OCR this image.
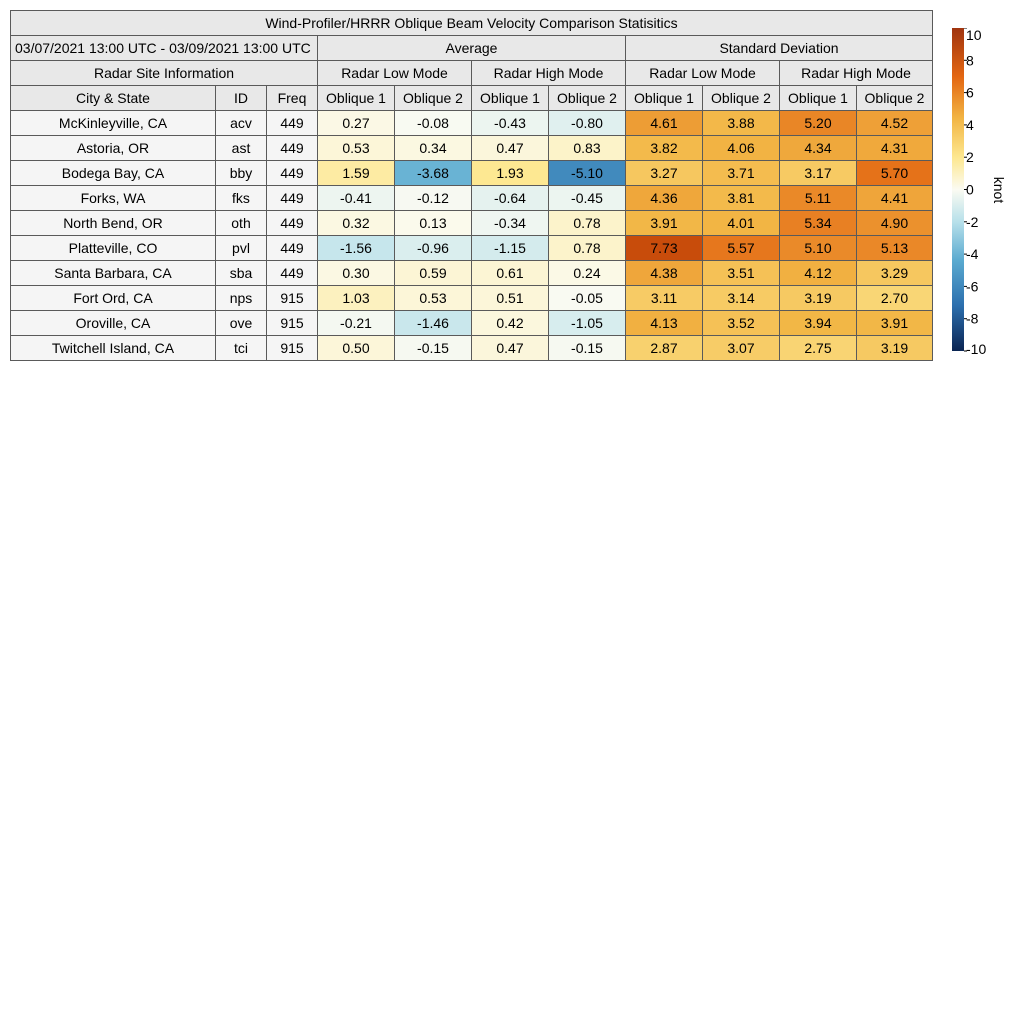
Wind-Profiler/HRRR Oblique Beam Velocity Comparison Statisitics										
03/07/2021 13:00 UTC - 03/09/2021 13:00 UTC			Average				Standard Deviation			
Radar Site Information			Radar Low Mode		Radar High Mode		Radar Low Mode		Radar High Mode	
City & State	ID	Freq	Oblique 1	Oblique 2	Oblique 1	Oblique 2	Oblique 1	Oblique 2	Oblique 1	Oblique 2
McKinleyville, CA	acv	449	0.27	-0.08	-0.43	-0.80	4.61	3.88	5.20	4.52
Astoria, OR	ast	449	0.53	0.34	0.47	0.83	3.82	4.06	4.34	4.31
Bodega Bay, CA	bby	449	1.59	-3.68	1.93	-5.10	3.27	3.71	3.17	5.70
Forks, WA	fks	449	-0.41	-0.12	-0.64	-0.45	4.36	3.81	5.11	4.41
North Bend, OR	oth	449	0.32	0.13	-0.34	0.78	3.91	4.01	5.34	4.90
Platteville, CO	pvl	449	-1.56	-0.96	-1.15	0.78	7.73	5.57	5.10	5.13
Santa Barbara, CA	sba	449	0.30	0.59	0.61	0.24	4.38	3.51	4.12	3.29
Fort Ord, CA	nps	915	1.03	0.53	0.51	-0.05	3.11	3.14	3.19	2.70
Oroville, CA	ove	915	-0.21	-1.46	0.42	-1.05	4.13	3.52	3.94	3.91
Twitchell Island, CA	tci	915	0.50	-0.15	0.47	-0.15	2.87	3.07	2.75	3.19
10
8
6
4
2
0
-2
-4
-6
-8
-10
knot
